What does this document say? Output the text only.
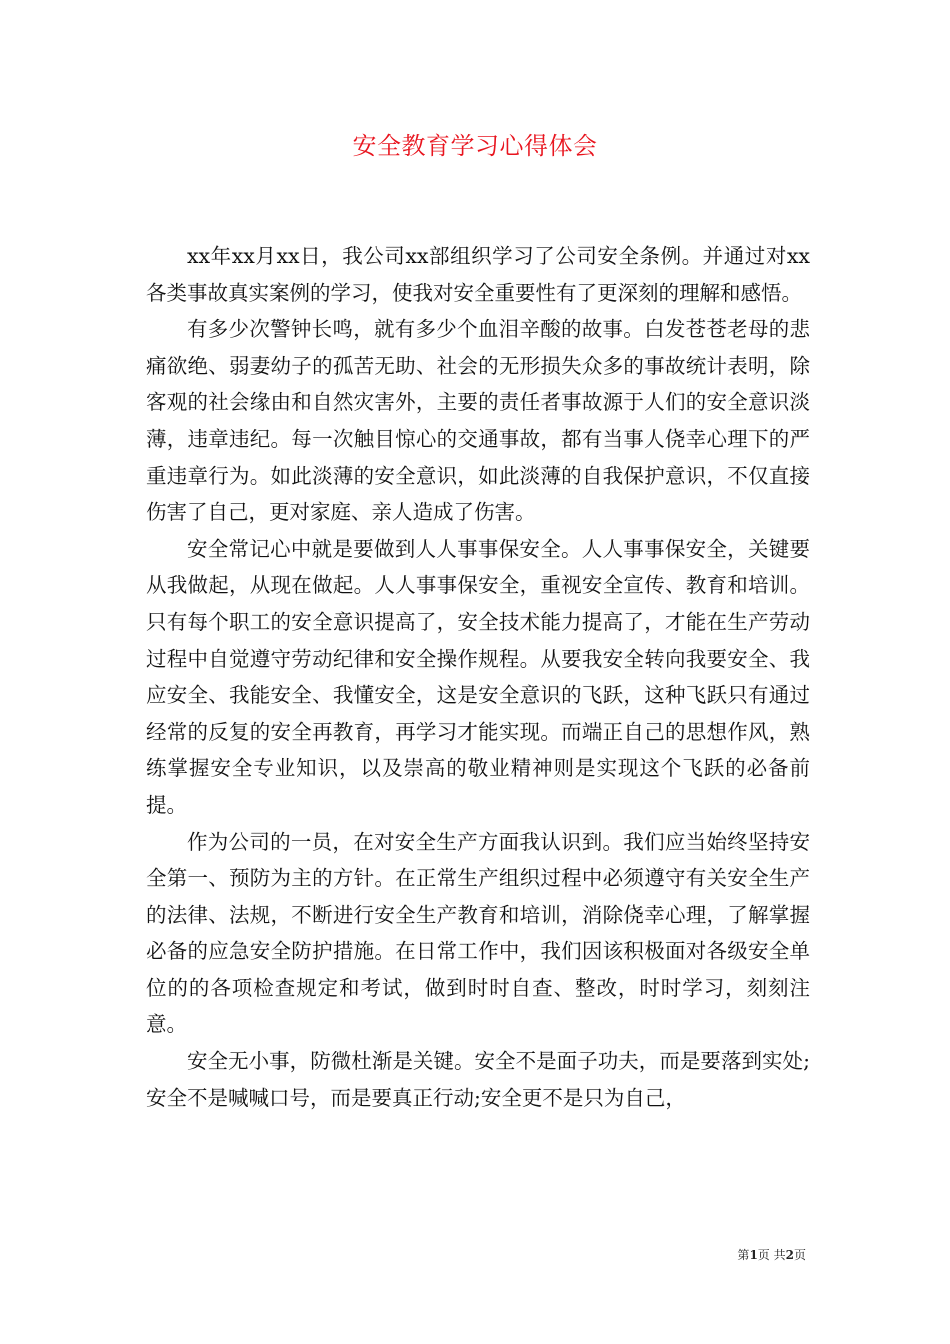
安全教育学习心得体会

xx年xx月xx日，我公司xx部组织学习了公司安全条例。并通过对xx各类事故真实案例的学习，使我对安全重要性有了更深刻的理解和感悟。

有多少次警钟长鸣，就有多少个血泪辛酸的故事。白发苍苍老母的悲痛欲绝、弱妻幼子的孤苦无助、社会的无形损失众多的事故统计表明，除客观的社会缘由和自然灾害外，主要的责任者事故源于人们的安全意识淡薄，违章违纪。每一次触目惊心的交通事故，都有当事人侥幸心理下的严重违章行为。如此淡薄的安全意识，如此淡薄的自我保护意识，不仅直接伤害了自己，更对家庭、亲人造成了伤害。

安全常记心中就是要做到人人事事保安全。人人事事保安全，关键要从我做起，从现在做起。人人事事保安全，重视安全宣传、教育和培训。只有每个职工的安全意识提高了，安全技术能力提高了，才能在生产劳动过程中自觉遵守劳动纪律和安全操作规程。从要我安全转向我要安全、我应安全、我能安全、我懂安全，这是安全意识的飞跃，这种飞跃只有通过经常的反复的安全再教育，再学习才能实现。而端正自己的思想作风，熟练掌握安全专业知识，以及崇高的敬业精神则是实现这个飞跃的必备前提。

作为公司的一员，在对安全生产方面我认识到。我们应当始终坚持安全第一、预防为主的方针。在正常生产组织过程中必须遵守有关安全生产的法律、法规，不断进行安全生产教育和培训，消除侥幸心理，了解掌握必备的应急安全防护措施。在日常工作中，我们因该积极面对各级安全单位的的各项检查规定和考试，做到时时自查、整改，时时学习，刻刻注意。

安全无小事，防微杜渐是关键。安全不是面子功夫，而是要落到实处;安全不是喊喊口号，而是要真正行动;安全更不是只为自己，

第1页 共2页
